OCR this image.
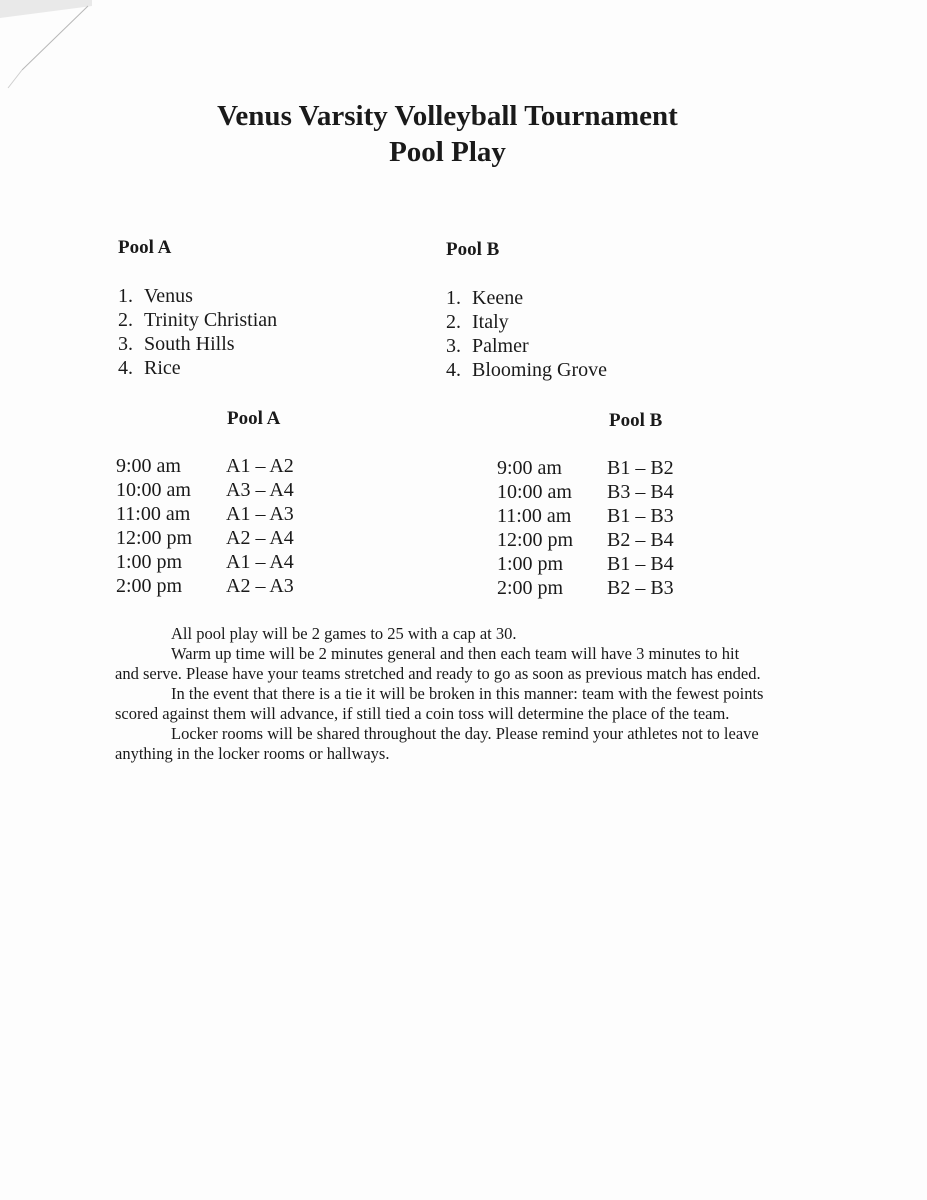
Venus Varsity Volleyball Tournament
Pool Play
Pool A
1. Venus
2. Trinity Christian
3. South Hills
4. Rice
Pool B
1. Keene
2. Italy
3. Palmer
4. Blooming Grove
Pool A
9:00 am	A1 – A2
10:00 am	A3 – A4
11:00 am	A1 – A3
12:00 pm	A2 – A4
1:00 pm	A1 – A4
2:00 pm	A2 – A3
Pool B
9:00 am	B1 – B2
10:00 am	B3 – B4
11:00 am	B1 – B3
12:00 pm	B2 – B4
1:00 pm	B1 – B4
2:00 pm	B2 – B3

All pool play will be 2 games to 25 with a cap at 30.

Warm up time will be 2 minutes general and then each team will have 3 minutes to hit and serve. Please have your teams stretched and ready to go as soon as previous match has ended.

In the event that there is a tie it will be broken in this manner: team with the fewest points scored against them will advance, if still tied a coin toss will determine the place of the team.

Locker rooms will be shared throughout the day. Please remind your athletes not to leave anything in the locker rooms or hallways.
